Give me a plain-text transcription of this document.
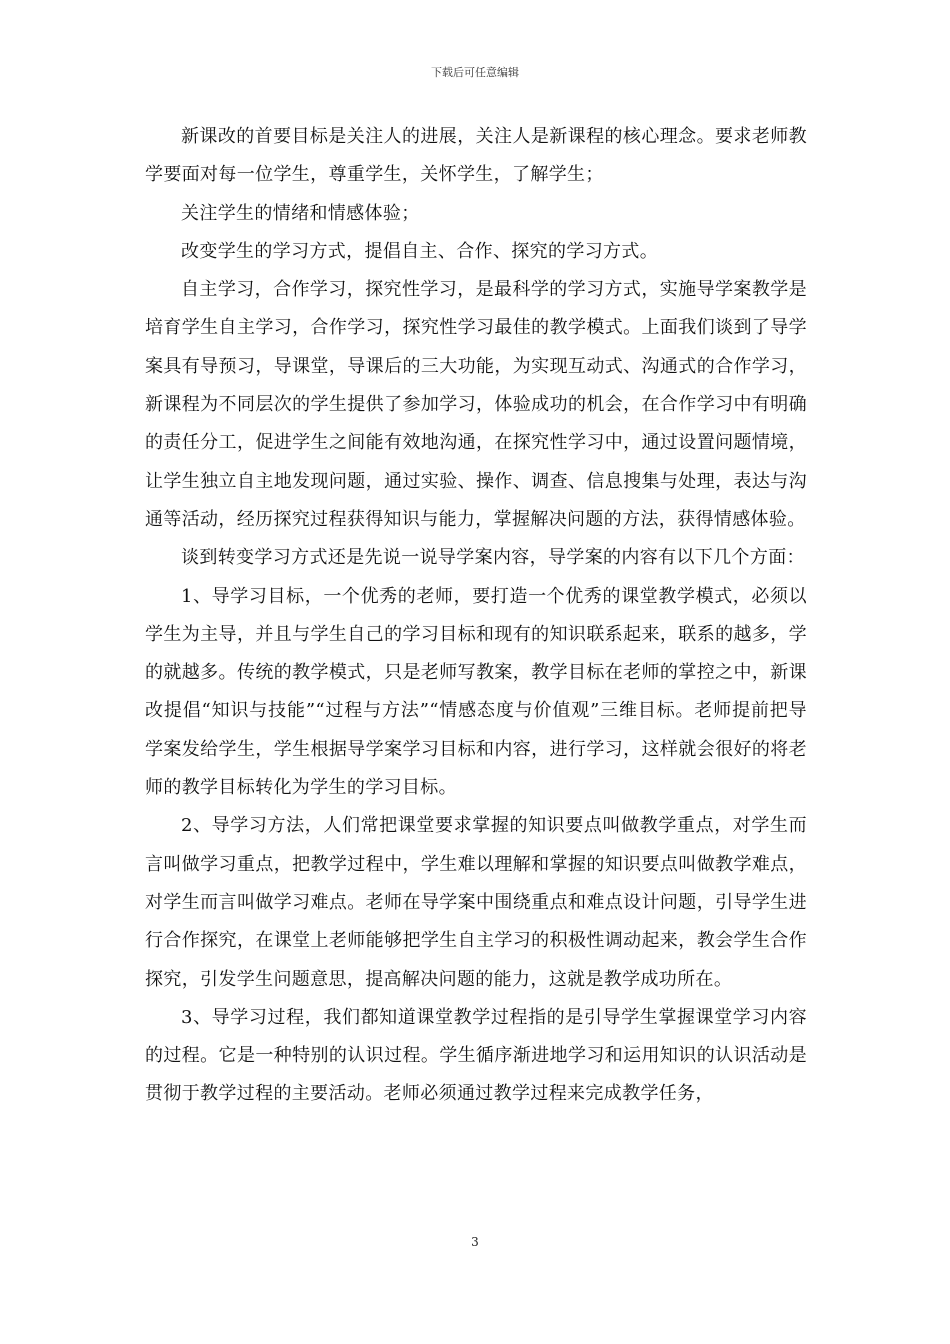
下载后可任意编辑

新课改的首要目标是关注人的进展，关注人是新课程的核心理念。要求老师教学要面对每一位学生，尊重学生，关怀学生，了解学生；

关注学生的情绪和情感体验；

改变学生的学习方式，提倡自主、合作、探究的学习方式。

自主学习，合作学习，探究性学习，是最科学的学习方式，实施导学案教学是培育学生自主学习，合作学习，探究性学习最佳的教学模式。上面我们谈到了导学案具有导预习，导课堂，导课后的三大功能，为实现互动式、沟通式的合作学习，新课程为不同层次的学生提供了参加学习，体验成功的机会，在合作学习中有明确的责任分工，促进学生之间能有效地沟通，在探究性学习中，通过设置问题情境，让学生独立自主地发现问题，通过实验、操作、调查、信息搜集与处理，表达与沟通等活动，经历探究过程获得知识与能力，掌握解决问题的方法，获得情感体验。

谈到转变学习方式还是先说一说导学案内容，导学案的内容有以下几个方面：

1、导学习目标，一个优秀的老师，要打造一个优秀的课堂教学模式，必须以学生为主导，并且与学生自己的学习目标和现有的知识联系起来，联系的越多，学的就越多。传统的教学模式，只是老师写教案，教学目标在老师的掌控之中，新课改提倡“知识与技能”“过程与方法”“情感态度与价值观”三维目标。老师提前把导学案发给学生，学生根据导学案学习目标和内容，进行学习，这样就会很好的将老师的教学目标转化为学生的学习目标。

2、导学习方法，人们常把课堂要求掌握的知识要点叫做教学重点，对学生而言叫做学习重点，把教学过程中，学生难以理解和掌握的知识要点叫做教学难点，对学生而言叫做学习难点。老师在导学案中围绕重点和难点设计问题，引导学生进行合作探究，在课堂上老师能够把学生自主学习的积极性调动起来，教会学生合作探究，引发学生问题意思，提高解决问题的能力，这就是教学成功所在。

3、导学习过程，我们都知道课堂教学过程指的是引导学生掌握课堂学习内容的过程。它是一种特别的认识过程。学生循序渐进地学习和运用知识的认识活动是贯彻于教学过程的主要活动。老师必须通过教学过程来完成教学任务，

3
